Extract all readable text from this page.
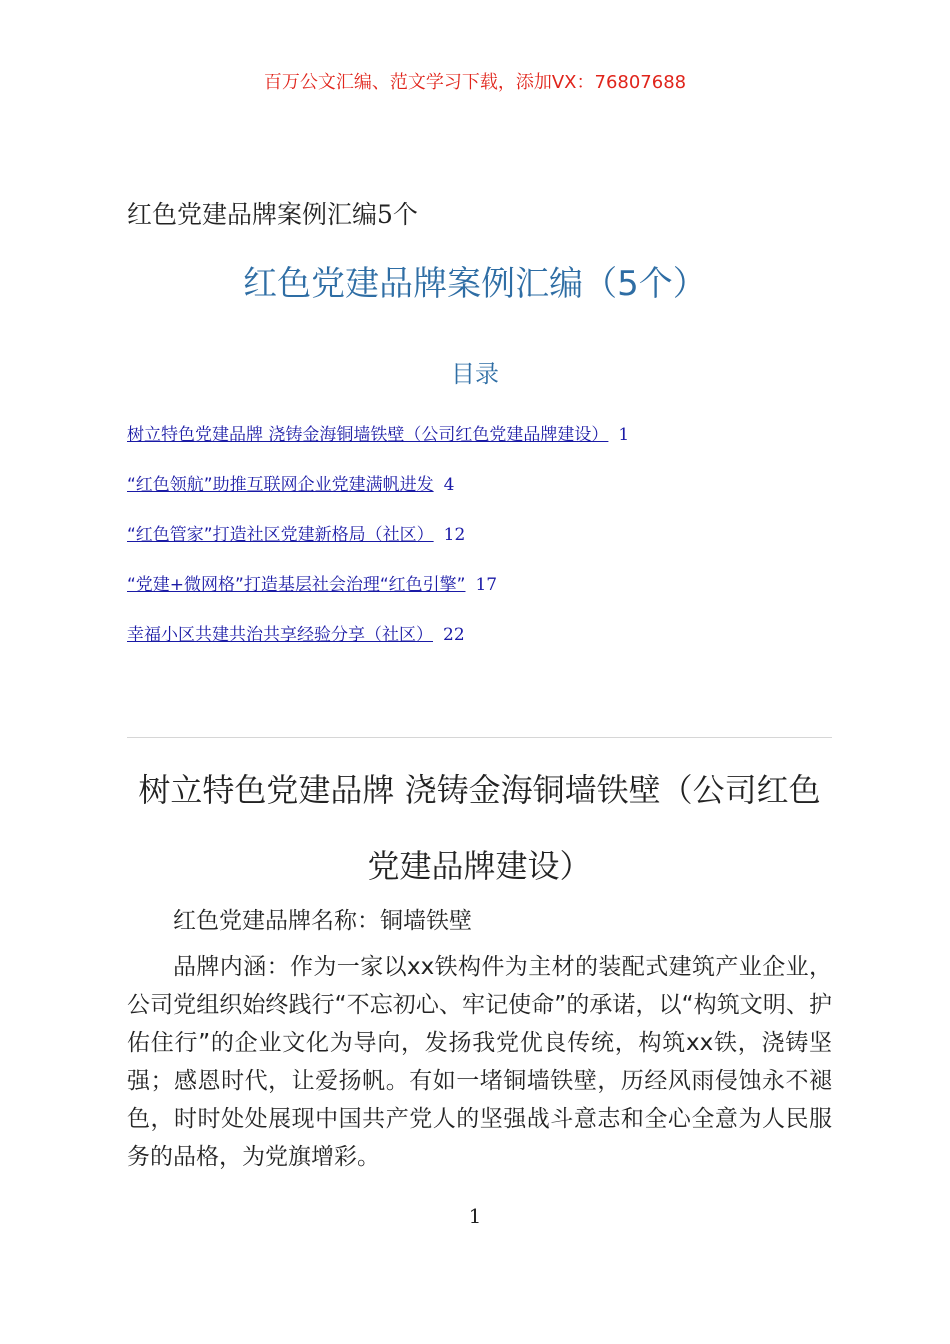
百万公文汇编、范文学习下载，添加VX：76807688
红色党建品牌案例汇编5个
红色党建品牌案例汇编（5个）
目录
树立特色党建品牌 浇铸金海铜墙铁壁（公司红色党建品牌建设） 1
“红色领航”助推互联网企业党建满帆进发 4
“红色管家”打造社区党建新格局（社区） 12
“党建+微网格”打造基层社会治理“红色引擎” 17
幸福小区共建共治共享经验分享（社区） 22
树立特色党建品牌 浇铸金海铜墙铁壁（公司红色党建品牌建设）

红色党建品牌名称：铜墙铁壁

品牌内涵：作为一家以xx铁构件为主材的装配式建筑产业企业，公司党组织始终践行“不忘初心、牢记使命”的承诺，以“构筑文明、护佑住行”的企业文化为导向，发扬我党优良传统，构筑xx铁，浇铸坚强；感恩时代，让爱扬帆。有如一堵铜墙铁壁，历经风雨侵蚀永不褪色，时时处处展现中国共产党人的坚强战斗意志和全心全意为人民服务的品格，为党旗增彩。

1
